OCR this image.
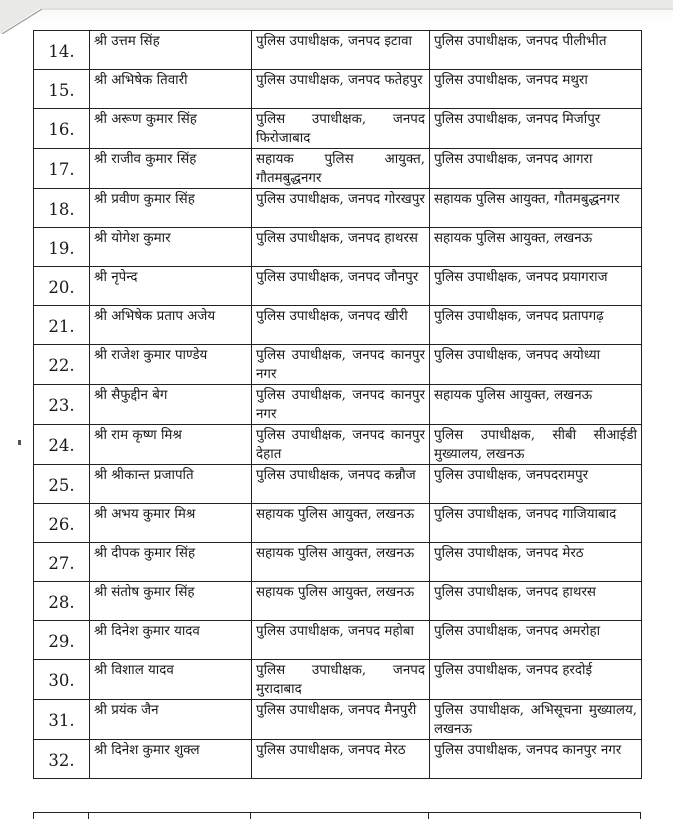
14.	श्री उत्तम सिंह	पुलिस उपाधीक्षक, जनपद इटावा	पुलिस उपाधीक्षक, जनपद पीलीभीत
15.	श्री अभिषेक तिवारी	पुलिस उपाधीक्षक, जनपद फतेहपुर	पुलिस उपाधीक्षक, जनपद मथुरा
16.	श्री अरूण कुमार सिंह	पुलिस उपाधीक्षक, जनपद फिरोजाबाद	पुलिस उपाधीक्षक, जनपद मिर्जापुर
17.	श्री राजीव कुमार सिंह	सहायक पुलिस आयुक्त, गौतमबुद्धनगर	पुलिस उपाधीक्षक, जनपद आगरा
18.	श्री प्रवीण कुमार सिंह	पुलिस उपाधीक्षक, जनपद गोरखपुर	सहायक पुलिस आयुक्त, गौतमबुद्धनगर
19.	श्री योगेश कुमार	पुलिस उपाधीक्षक, जनपद हाथरस	सहायक पुलिस आयुक्त, लखनऊ
20.	श्री नृपेन्द	पुलिस उपाधीक्षक, जनपद जौनपुर	पुलिस उपाधीक्षक, जनपद प्रयागराज
21.	श्री अभिषेक प्रताप अजेय	पुलिस उपाधीक्षक, जनपद खीरी	पुलिस उपाधीक्षक, जनपद प्रतापगढ़
22.	श्री राजेश कुमार पाण्डेय	पुलिस उपाधीक्षक, जनपद कानपुर नगर	पुलिस उपाधीक्षक, जनपद अयोध्या
23.	श्री सैफुद्दीन बेग	पुलिस उपाधीक्षक, जनपद कानपुर नगर	सहायक पुलिस आयुक्त, लखनऊ
24.	श्री राम कृष्ण मिश्र	पुलिस उपाधीक्षक, जनपद कानपुर देहात	पुलिस उपाधीक्षक, सीबी सीआईडी मुख्यालय, लखनऊ
25.	श्री श्रीकान्त प्रजापति	पुलिस उपाधीक्षक, जनपद कन्नौज	पुलिस उपाधीक्षक, जनपदरामपुर
26.	श्री अभय कुमार मिश्र	सहायक पुलिस आयुक्त, लखनऊ	पुलिस उपाधीक्षक, जनपद गाजियाबाद
27.	श्री दीपक कुमार सिंह	सहायक पुलिस आयुक्त, लखनऊ	पुलिस उपाधीक्षक, जनपद मेरठ
28.	श्री संतोष कुमार सिंह	सहायक पुलिस आयुक्त, लखनऊ	पुलिस उपाधीक्षक, जनपद हाथरस
29.	श्री दिनेश कुमार यादव	पुलिस उपाधीक्षक, जनपद महोबा	पुलिस उपाधीक्षक, जनपद अमरोहा
30.	श्री विशाल यादव	पुलिस उपाधीक्षक, जनपद मुरादाबाद	पुलिस उपाधीक्षक, जनपद हरदोई
31.	श्री प्रयंक जैन	पुलिस उपाधीक्षक, जनपद मैनपुरी	पुलिस उपाधीक्षक, अभिसूचना मुख्यालय, लखनऊ
32.	श्री दिनेश कुमार शुक्ल	पुलिस उपाधीक्षक, जनपद मेरठ	पुलिस उपाधीक्षक, जनपद कानपुर नगर
